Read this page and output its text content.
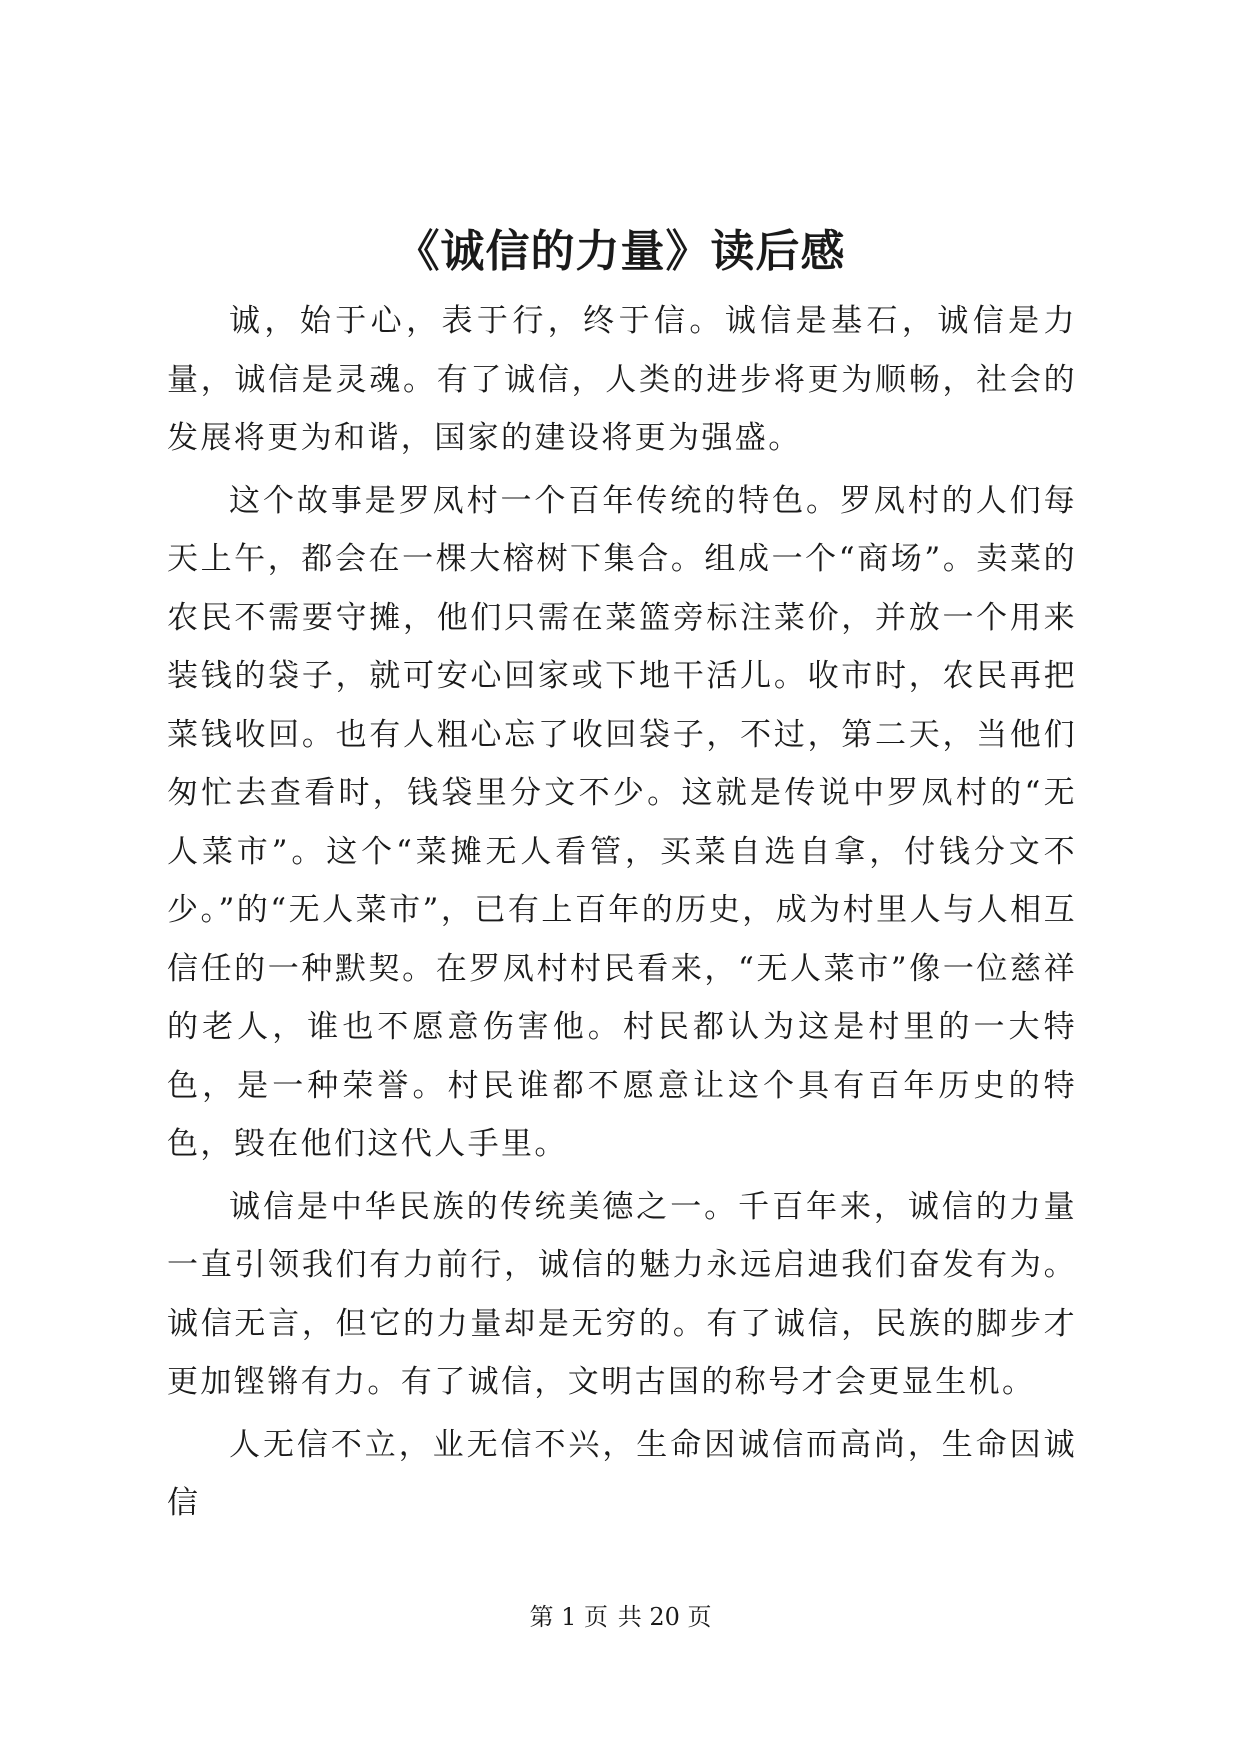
《诚信的力量》读后感

诚，始于心，表于行，终于信。诚信是基石，诚信是力量，诚信是灵魂。有了诚信，人类的进步将更为顺畅，社会的发展将更为和谐，国家的建设将更为强盛。

这个故事是罗凤村一个百年传统的特色。罗凤村的人们每天上午，都会在一棵大榕树下集合。组成一个“商场”。卖菜的农民不需要守摊，他们只需在菜篮旁标注菜价，并放一个用来装钱的袋子，就可安心回家或下地干活儿。收市时，农民再把菜钱收回。也有人粗心忘了收回袋子，不过，第二天，当他们匆忙去查看时，钱袋里分文不少。这就是传说中罗凤村的“无人菜市”。这个“菜摊无人看管，买菜自选自拿，付钱分文不少。”的“无人菜市”，已有上百年的历史，成为村里人与人相互信任的一种默契。在罗凤村村民看来，“无人菜市”像一位慈祥的老人，谁也不愿意伤害他。村民都认为这是村里的一大特色，是一种荣誉。村民谁都不愿意让这个具有百年历史的特色，毁在他们这代人手里。

诚信是中华民族的传统美德之一。千百年来，诚信的力量一直引领我们有力前行，诚信的魅力永远启迪我们奋发有为。诚信无言，但它的力量却是无穷的。有了诚信，民族的脚步才更加铿锵有力。有了诚信，文明古国的称号才会更显生机。

人无信不立，业无信不兴，生命因诚信而高尚，生命因诚信

第 1 页 共 20 页
